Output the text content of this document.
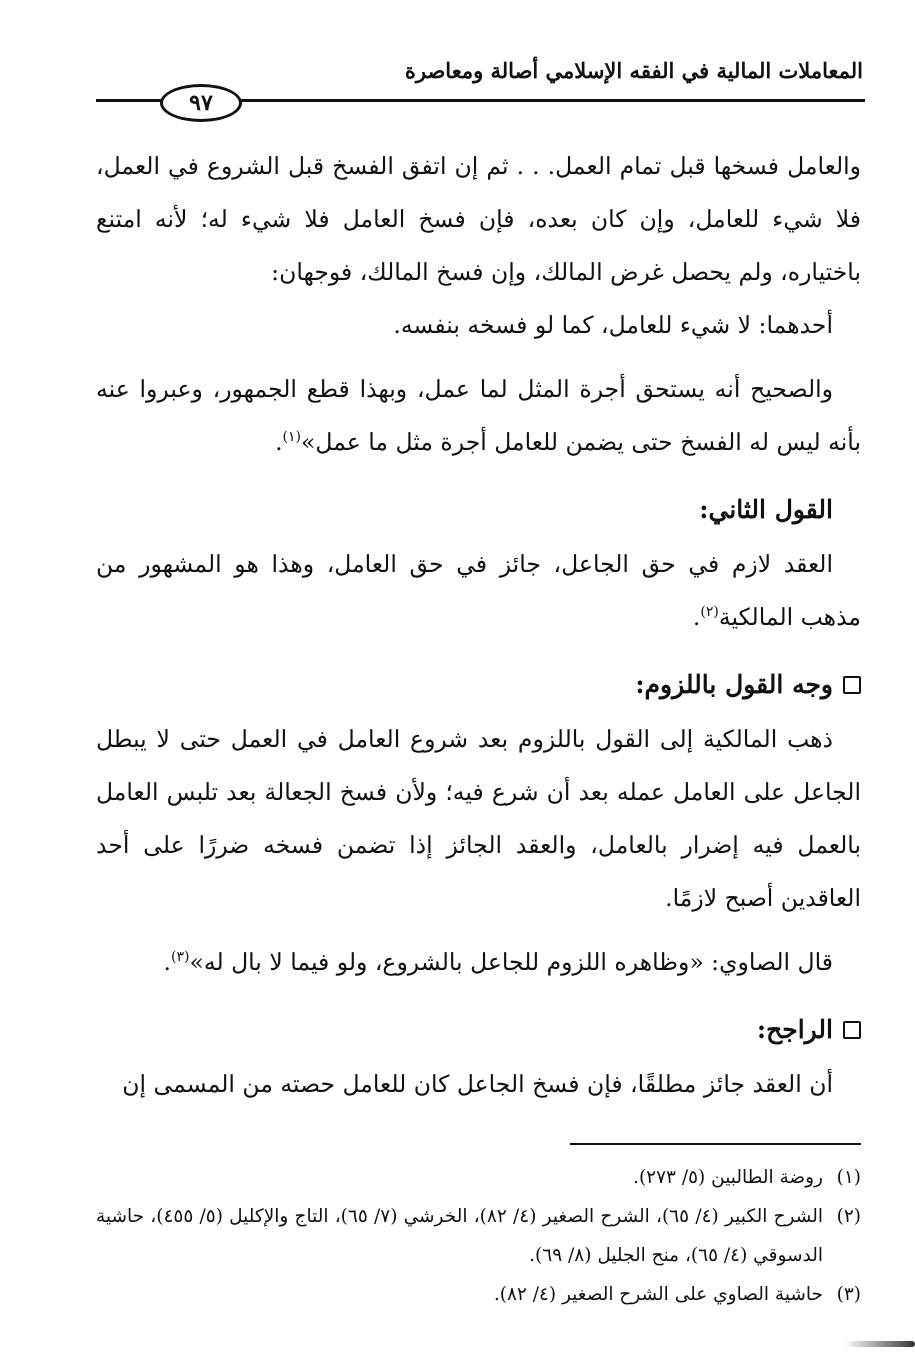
المعاملات المالية في الفقه الإسلامي أصالة ومعاصرة
٩٧

والعامل فسخها قبل تمام العمل. . . ثم إن اتفق الفسخ قبل الشروع في العمل، فلا شيء للعامل، وإن كان بعده، فإن فسخ العامل فلا شيء له؛ لأنه امتنع باختياره، ولم يحصل غرض المالك، وإن فسخ المالك، فوجهان:

أحدهما: لا شيء للعامل، كما لو فسخه بنفسه.

والصحيح أنه يستحق أجرة المثل لما عمل، وبهذا قطع الجمهور، وعبروا عنه بأنه ليس له الفسخ حتى يضمن للعامل أجرة مثل ما عمل»$^{(١)}$.

القول الثاني:

العقد لازم في حق الجاعل، جائز في حق العامل، وهذا هو المشهور من مذهب المالكية$^{(٢)}$.

وجه القول باللزوم:

ذهب المالكية إلى القول باللزوم بعد شروع العامل في العمل حتى لا يبطل الجاعل على العامل عمله بعد أن شرع فيه؛ ولأن فسخ الجعالة بعد تلبس العامل بالعمل فيه إضرار بالعامل، والعقد الجائز إذا تضمن فسخه ضررًا على أحد العاقدين أصبح لازمًا.

قال الصاوي: «وظاهره اللزوم للجاعل بالشروع، ولو فيما لا بال له»$^{(٣)}$.

الراجح:

أن العقد جائز مطلقًا، فإن فسخ الجاعل كان للعامل حصته من المسمى إن

(١)
روضة الطالبين (٥/ ٢٧٣).
(٢)
الشرح الكبير (٤/ ٦٥)، الشرح الصغير (٤/ ٨٢)، الخرشي (٧/ ٦٥)، التاج والإكليل (٥/ ٤٥٥)، حاشية الدسوقي (٤/ ٦٥)، منح الجليل (٨/ ٦٩).
(٣)
حاشية الصاوي على الشرح الصغير (٤/ ٨٢).
